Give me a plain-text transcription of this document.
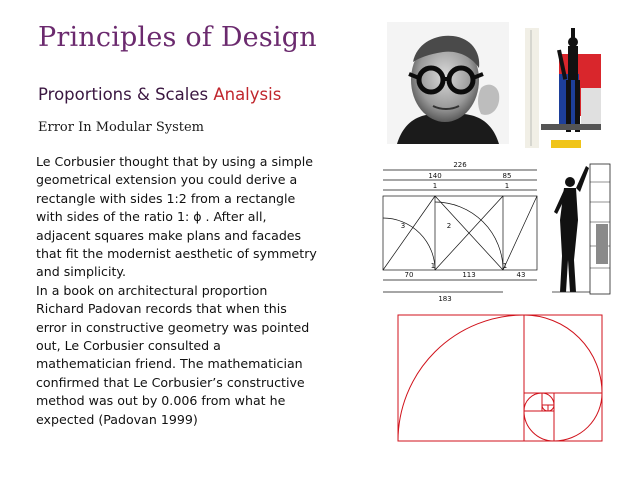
Principles of Design
Proportions & Scales Analysis
Error In Modular System
Le Corbusier thought that by using a simple
geometrical extension you could derive a
rectangle with sides 1:2 from a rectangle
with sides of the ratio 1: ϕ . After all,
adjacent squares make plans and facades
that fit the modernist aesthetic of symmetry
and simplicity.
In a book on architectural proportion
Richard Padovan records that when this
error in constructive geometry was pointed
out, Le Corbusier consulted a
mathematician friend. The mathematician
confirmed that Le Corbusier’s constructive
method was out by 0.006 from what he
expected (Padovan 1999)
226
140	85
1	1
1	1
3	2
70	113	43
183
